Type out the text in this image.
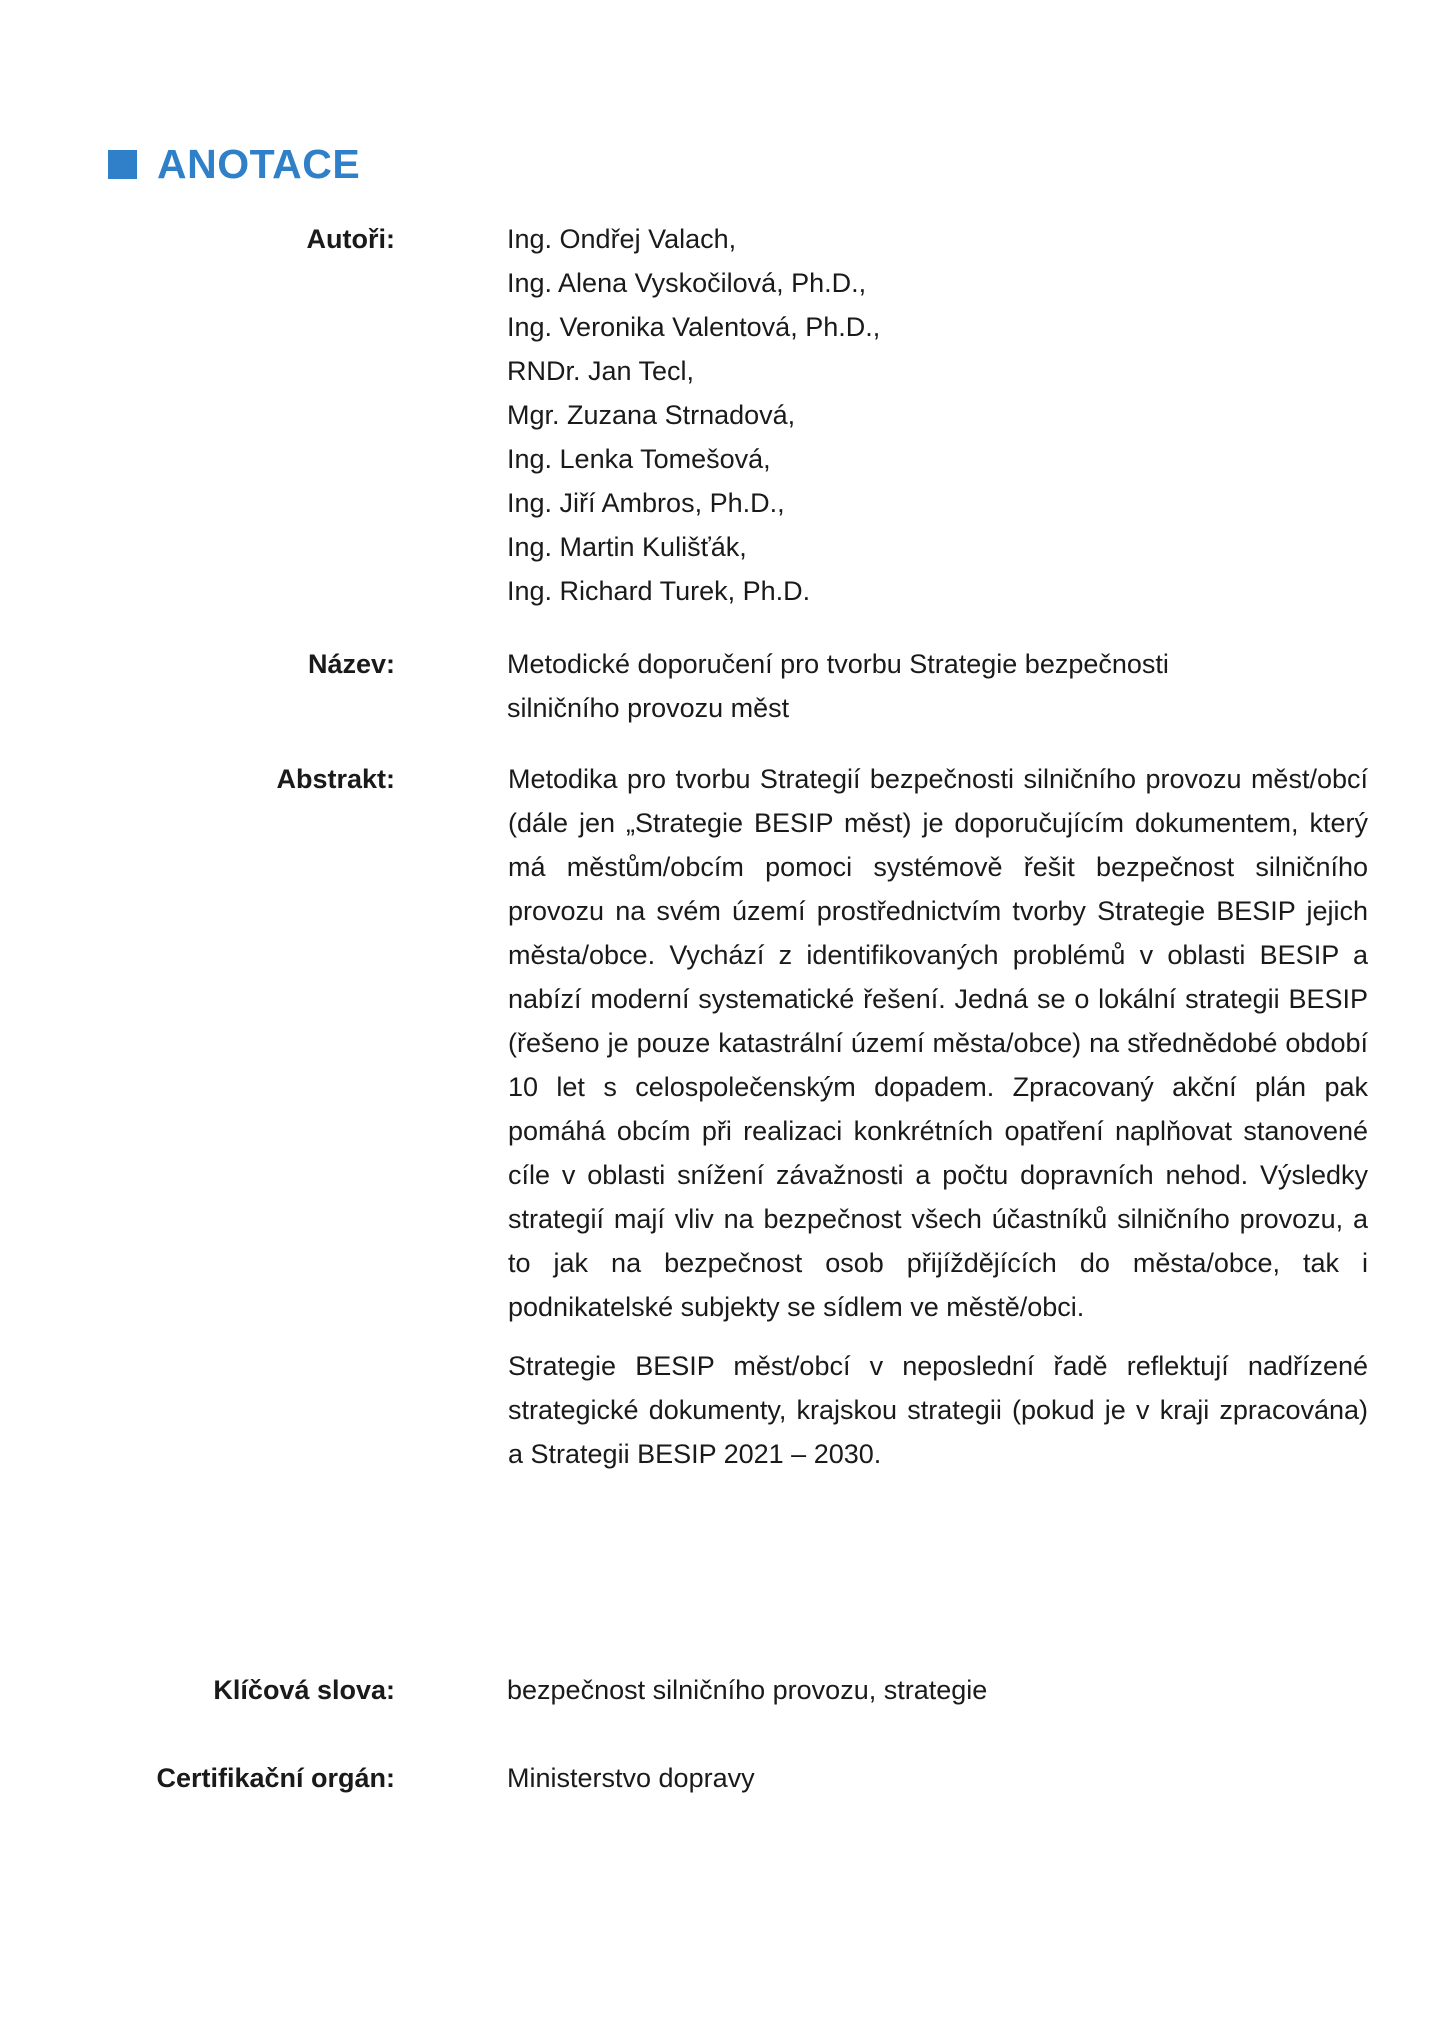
ANOTACE
Autoři:	Ing. Ondřej Valach,
Ing. Alena Vyskočilová, Ph.D.,
Ing. Veronika Valentová, Ph.D.,
RNDr. Jan Tecl,
Mgr. Zuzana Strnadová,
Ing. Lenka Tomešová,
Ing. Jiří Ambros, Ph.D.,
Ing. Martin Kulišťák,
Ing. Richard Turek, Ph.D.
Název:	Metodické doporučení pro tvorbu Strategie bezpečnosti
silničního provozu měst
Abstrakt:	Metodika pro tvorbu Strategií bezpečnosti silničního provozu měst/obcí (dále jen „Strategie BESIP měst) je doporučujícím dokumentem, který má městům/obcím pomoci systémově řešit bezpečnost silničního provozu na svém území prostřednictvím tvorby Strategie BESIP jejich města/obce. Vychází z identifikovaných problémů v oblasti BESIP a nabízí moderní systematické řešení. Jedná se o lokální strategii BESIP (řešeno je pouze katastrální území města/obce) na střednědobé období 10 let s celospolečenským dopadem. Zpracovaný akční plán pak pomáhá obcím při realizaci konkrétních opatření naplňovat stanovené cíle v oblasti snížení závažnosti a počtu dopravních nehod. Výsledky strategií mají vliv na bezpečnost všech účastníků silničního provozu, a to jak na bezpečnost osob přijíždějících do města/obce, tak i podnikatelské subjekty se sídlem ve městě/obci.

Strategie BESIP měst/obcí v neposlední řadě reflektují nadřízené strategické dokumenty, krajskou strategii (pokud je v kraji zpracována) a Strategii BESIP 2021 – 2030.

Klíčová slova:	bezpečnost silničního provozu, strategie
Certifikační orgán:	Ministerstvo dopravy
